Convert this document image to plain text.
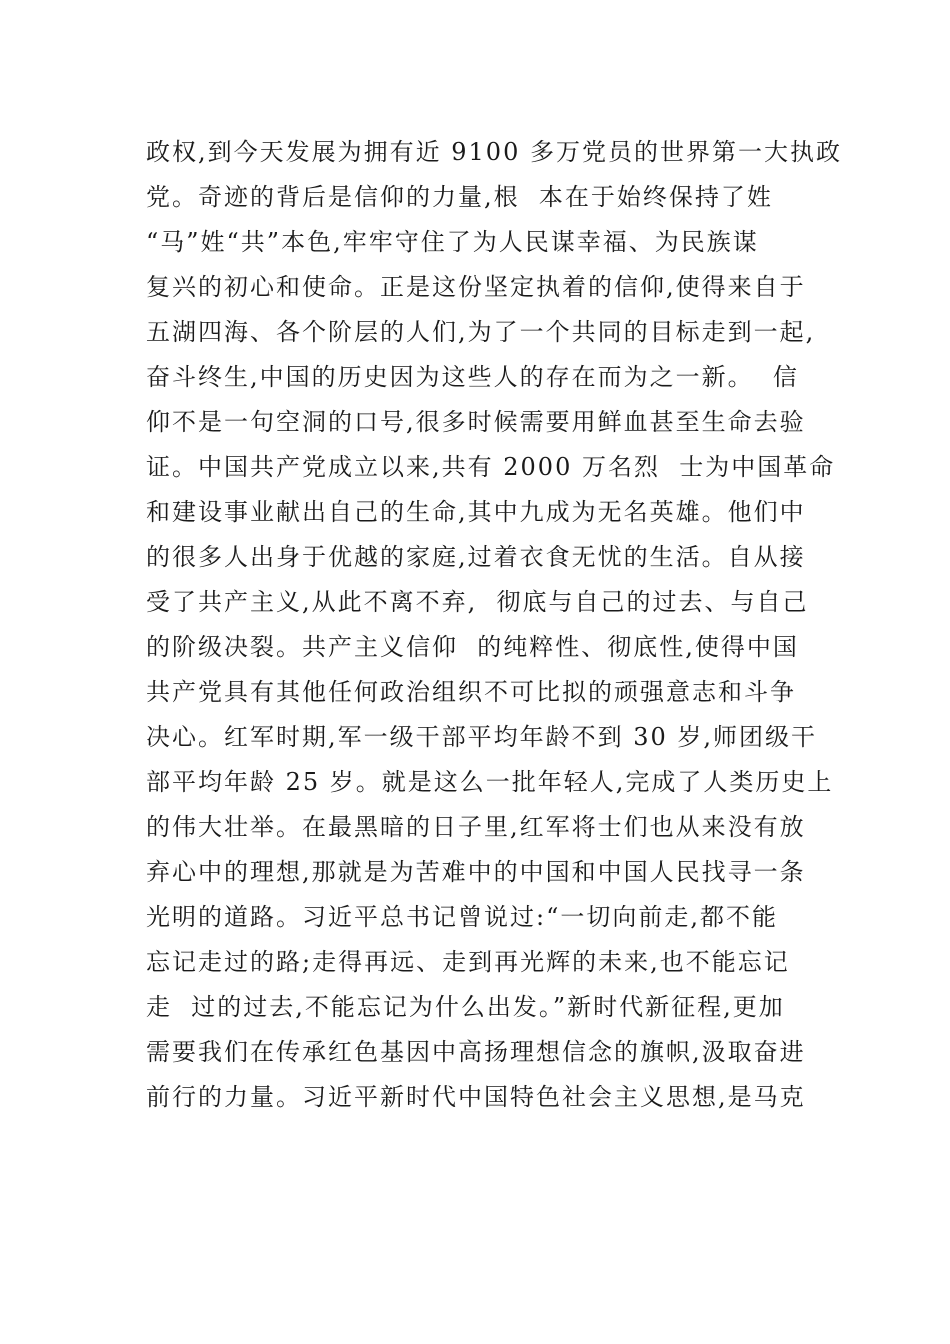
政权,到今天发展为拥有近 9100 多万党员的世界第一大执政
党。奇迹的背后是信仰的力量,根  本在于始终保持了姓
“马”姓“共”本色,牢牢守住了为人民谋幸福、为民族谋
复兴的初心和使命。正是这份坚定执着的信仰,使得来自于
五湖四海、各个阶层的人们,为了一个共同的目标走到一起,
奋斗终生,中国的历史因为这些人的存在而为之一新。  信
仰不是一句空洞的口号,很多时候需要用鲜血甚至生命去验
证。中国共产党成立以来,共有 2000 万名烈  士为中国革命
和建设事业献出自己的生命,其中九成为无名英雄。他们中
的很多人出身于优越的家庭,过着衣食无忧的生活。自从接
受了共产主义,从此不离不弃,  彻底与自己的过去、与自己
的阶级决裂。共产主义信仰  的纯粹性、彻底性,使得中国
共产党具有其他任何政治组织不可比拟的顽强意志和斗争
决心。红军时期,军一级干部平均年龄不到 30 岁,师团级干
部平均年龄 25 岁。就是这么一批年轻人,完成了人类历史上
的伟大壮举。在最黑暗的日子里,红军将士们也从来没有放
弃心中的理想,那就是为苦难中的中国和中国人民找寻一条
光明的道路。习近平总书记曾说过:“一切向前走,都不能
忘记走过的路;走得再远、走到再光辉的未来,也不能忘记
走  过的过去,不能忘记为什么出发。”新时代新征程,更加
需要我们在传承红色基因中高扬理想信念的旗帜,汲取奋进
前行的力量。习近平新时代中国特色社会主义思想,是马克
